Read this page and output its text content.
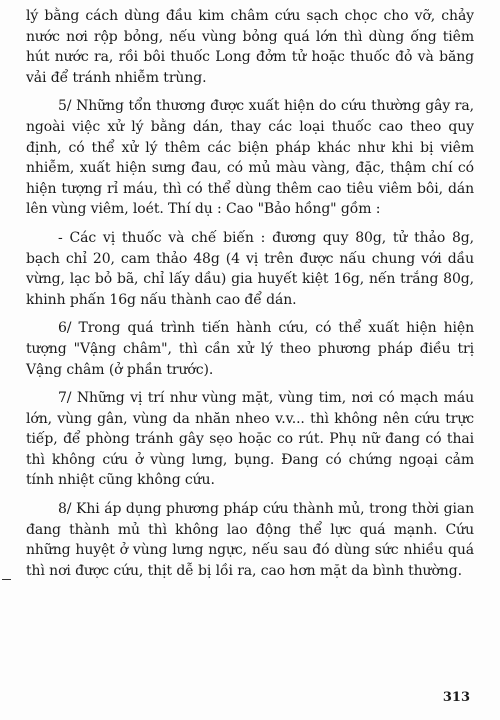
lý bằng cách dùng đầu kim châm cứu sạch chọc cho vỡ, chảy nước nơi rộp bỏng, nếu vùng bỏng quá lớn thì dùng ống tiêm hút nước ra, rồi bôi thuốc Long đởm tử hoặc thuốc đỏ và băng vải để tránh nhiễm trùng.

5/ Những tổn thương được xuất hiện do cứu thường gây ra, ngoài việc xử lý bằng dán, thay các loại thuốc cao theo quy định, có thể xử lý thêm các biện pháp khác như khi bị viêm nhiễm, xuất hiện sưng đau, có mủ màu vàng, đặc, thậm chí có hiện tượng rỉ máu, thì có thể dùng thêm cao tiêu viêm bôi, dán lên vùng viêm, loét. Thí dụ : Cao "Bảo hồng" gồm :

- Các vị thuốc và chế biến : đương quy 80g, tử thảo 8g, bạch chỉ 20, cam thảo 48g (4 vị trên được nấu chung với dầu vừng, lạc bỏ bã, chỉ lấy dầu) gia huyết kiệt 16g, nến trắng 80g, khinh phấn 16g nấu thành cao để dán.

6/ Trong quá trình tiến hành cứu, có thể xuất hiện hiện tượng "Vậng châm", thì cần xử lý theo phương pháp điều trị Vậng châm (ở phần trước).

7/ Những vị trí như vùng mặt, vùng tim, nơi có mạch máu lớn, vùng gân, vùng da nhăn nheo v.v... thì không nên cứu trực tiếp, để phòng tránh gây sẹo hoặc co rút. Phụ nữ đang có thai thì không cứu ở vùng lưng, bụng. Đang có chứng ngoại cảm tính nhiệt cũng không cứu.

8/ Khi áp dụng phương pháp cứu thành mủ, trong thời gian đang thành mủ thì không lao động thể lực quá mạnh. Cứu những huyệt ở vùng lưng ngực, nếu sau đó dùng sức nhiều quá thì nơi được cứu, thịt dễ bị lồi ra, cao hơn mặt da bình thường.

313
